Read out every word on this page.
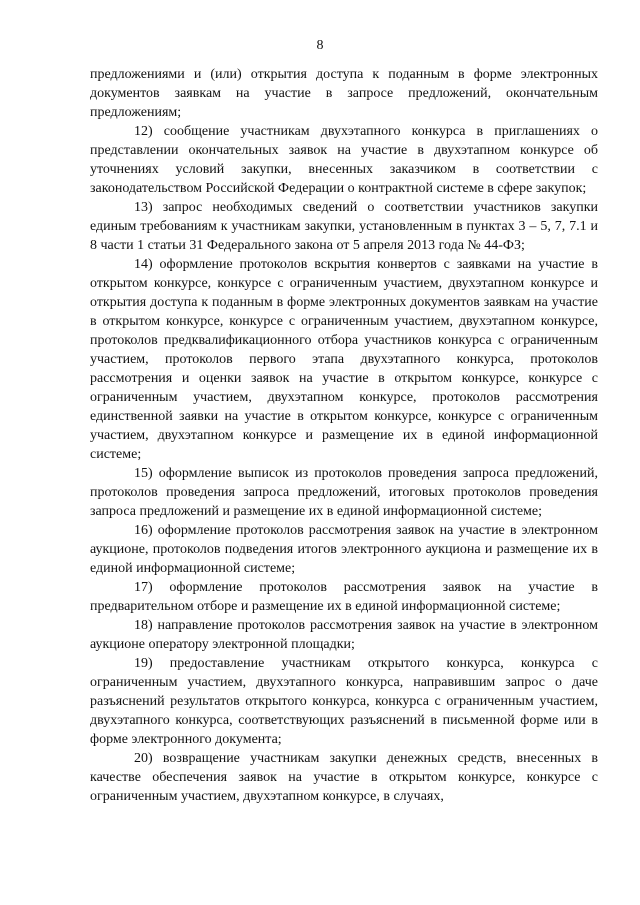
8

предложениями и (или) открытия доступа к поданным в форме электронных документов заявкам на участие в запросе предложений, окончательным предложениям;

12) сообщение участникам двухэтапного конкурса в приглашениях о представлении окончательных заявок на участие в двухэтапном конкурсе об уточнениях условий закупки, внесенных заказчиком в соответствии с законодательством Российской Федерации о контрактной системе в сфере закупок;

13) запрос необходимых сведений о соответствии участников закупки единым требованиям к участникам закупки, установленным в пунктах 3 – 5, 7, 7.1 и 8 части 1 статьи 31 Федерального закона от 5 апреля 2013 года № 44-ФЗ;

14) оформление протоколов вскрытия конвертов с заявками на участие в открытом конкурсе, конкурсе с ограниченным участием, двухэтапном конкурсе и открытия доступа к поданным в форме электронных документов заявкам на участие в открытом конкурсе, конкурсе с ограниченным участием, двухэтапном конкурсе, протоколов предквалификационного отбора участников конкурса с ограниченным участием, протоколов первого этапа двухэтапного конкурса, протоколов рассмотрения и оценки заявок на участие в открытом конкурсе, конкурсе с ограниченным участием, двухэтапном конкурсе, протоколов рассмотрения единственной заявки на участие в открытом конкурсе, конкурсе с ограниченным участием, двухэтапном конкурсе и размещение их в единой информационной системе;

15) оформление выписок из протоколов проведения запроса предложений, протоколов проведения запроса предложений, итоговых протоколов проведения запроса предложений и размещение их в единой информационной системе;

16) оформление протоколов рассмотрения заявок на участие в электронном аукционе, протоколов подведения итогов электронного аукциона и размещение их в единой информационной системе;

17) оформление протоколов рассмотрения заявок на участие в предварительном отборе и размещение их в единой информационной системе;

18) направление протоколов рассмотрения заявок на участие в электронном аукционе оператору электронной площадки;

19) предоставление участникам открытого конкурса, конкурса с ограниченным участием, двухэтапного конкурса, направившим запрос о даче разъяснений результатов открытого конкурса, конкурса с ограниченным участием, двухэтапного конкурса, соответствующих разъяснений в письменной форме или в форме электронного документа;

20) возвращение участникам закупки денежных средств, внесенных в качестве обеспечения заявок на участие в открытом конкурсе, конкурсе с ограниченным участием, двухэтапном конкурсе, в случаях,
